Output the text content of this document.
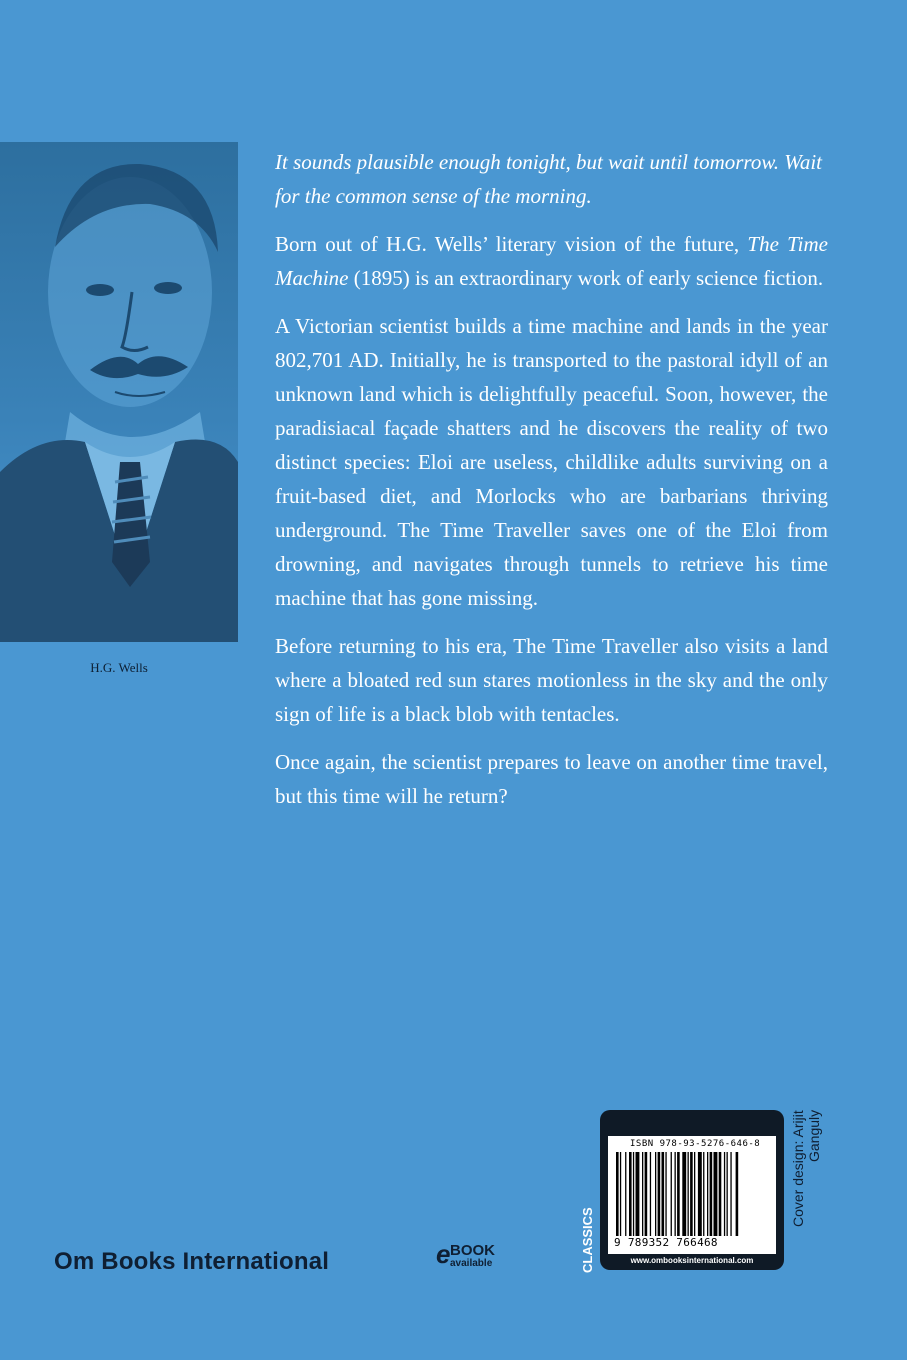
H.G. Wells

It sounds plausible enough tonight, but wait until tomorrow. Wait for the common sense of the morning.

Born out of H.G. Wells’ literary vision of the future, The Time Machine (1895) is an extraordinary work of early science fiction.

A Victorian scientist builds a time machine and lands in the year 802,701 AD. Initially, he is transported to the pastoral idyll of an unknown land which is delightfully peaceful. Soon, however, the paradisiacal façade shatters and he discovers the reality of two distinct species: Eloi are useless, childlike adults surviving on a fruit-based diet, and Morlocks who are barbarians thriving underground. The Time Traveller saves one of the Eloi from drowning, and navigates through tunnels to retrieve his time machine that has gone missing.

Before returning to his era, The Time Traveller also visits a land where a bloated red sun stares motionless in the sky and the only sign of life is a black blob with tentacles.

Once again, the scientist prepares to leave on another time travel, but this time will he return?

Om Books International	e BOOK
available	CLASSICS
ISBN 978-93-5276-646-8
9 789352 766468
www.ombooksinternational.com
Cover design: Arijit Ganguly
